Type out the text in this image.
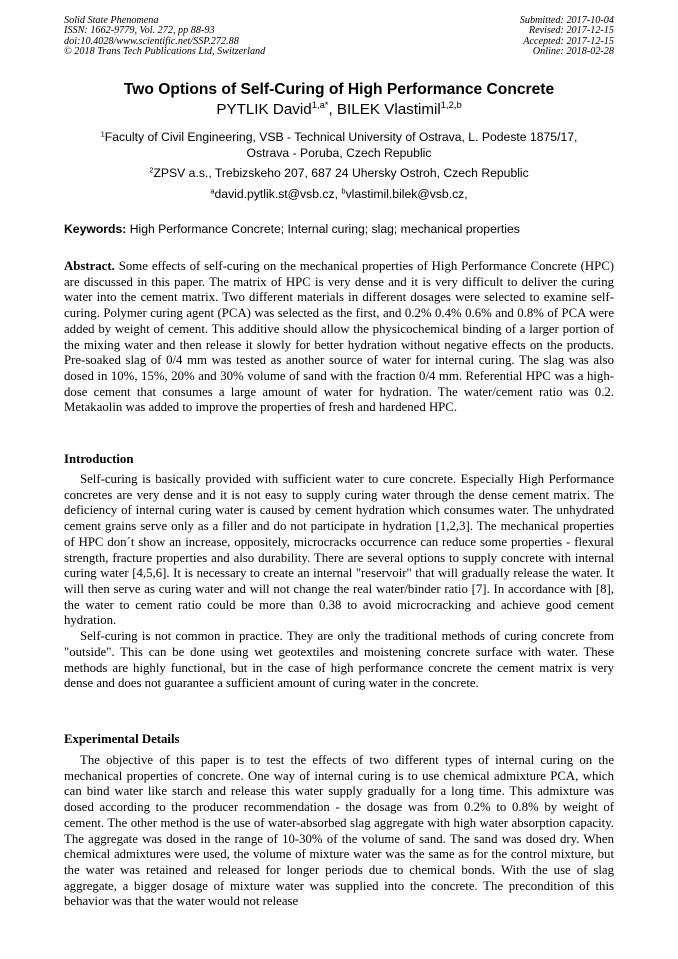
Solid State Phenomena
ISSN: 1662-9779, Vol. 272, pp 88-93
doi:10.4028/www.scientific.net/SSP.272.88
© 2018 Trans Tech Publications Ltd, Switzerland
Submitted: 2017-10-04
Revised: 2017-12-15
Accepted: 2017-12-15
Online: 2018-02-28
Two Options of Self-Curing of High Performance Concrete
PYTLIK David$^{1,a*}$, BILEK Vlastimil$^{1,2,b}$
$^1$Faculty of Civil Engineering, VSB - Technical University of Ostrava, L. Podeste 1875/17,
Ostrava - Poruba, Czech Republic
$^2$ZPSV a.s., Trebizskeho 207, 687 24 Uhersky Ostroh, Czech Republic
$^a$david.pytlik.st@vsb.cz, $^b$vlastimil.bilek@vsb.cz,
Keywords: High Performance Concrete; Internal curing; slag; mechanical properties

Abstract. Some effects of self-curing on the mechanical properties of High Performance Concrete (HPC) are discussed in this paper. The matrix of HPC is very dense and it is very difficult to deliver the curing water into the cement matrix. Two different materials in different dosages were selected to examine self-curing. Polymer curing agent (PCA) was selected as the first, and 0.2% 0.4% 0.6% and 0.8% of PCA were added by weight of cement. This additive should allow the physicochemical binding of a larger portion of the mixing water and then release it slowly for better hydration without negative effects on the products. Pre-soaked slag of 0/4 mm was tested as another source of water for internal curing. The slag was also dosed in 10%, 15%, 20% and 30% volume of sand with the fraction 0/4 mm. Referential HPC was a high-dose cement that consumes a large amount of water for hydration. The water/cement ratio was 0.2. Metakaolin was added to improve the properties of fresh and hardened HPC.

Introduction

Self-curing is basically provided with sufficient water to cure concrete. Especially High Performance concretes are very dense and it is not easy to supply curing water through the dense cement matrix. The deficiency of internal curing water is caused by cement hydration which consumes water. The unhydrated cement grains serve only as a filler and do not participate in hydration [1,2,3]. The mechanical properties of HPC don´t show an increase, oppositely, microcracks occurrence can reduce some properties - flexural strength, fracture properties and also durability. There are several options to supply concrete with internal curing water [4,5,6]. It is necessary to create an internal "reservoir" that will gradually release the water. It will then serve as curing water and will not change the real water/binder ratio [7]. In accordance with [8], the water to cement ratio could be more than 0.38 to avoid microcracking and achieve good cement hydration.

Self-curing is not common in practice. They are only the traditional methods of curing concrete from "outside". This can be done using wet geotextiles and moistening concrete surface with water. These methods are highly functional, but in the case of high performance concrete the cement matrix is very dense and does not guarantee a sufficient amount of curing water in the concrete.

Experimental Details

The objective of this paper is to test the effects of two different types of internal curing on the mechanical properties of concrete. One way of internal curing is to use chemical admixture PCA, which can bind water like starch and release this water supply gradually for a long time. This admixture was dosed according to the producer recommendation - the dosage was from 0.2% to 0.8% by weight of cement. The other method is the use of water-absorbed slag aggregate with high water absorption capacity. The aggregate was dosed in the range of 10-30% of the volume of sand. The sand was dosed dry. When chemical admixtures were used, the volume of mixture water was the same as for the control mixture, but the water was retained and released for longer periods due to chemical bonds. With the use of slag aggregate, a bigger dosage of mixture water was supplied into the concrete. The precondition of this behavior was that the water would not release
